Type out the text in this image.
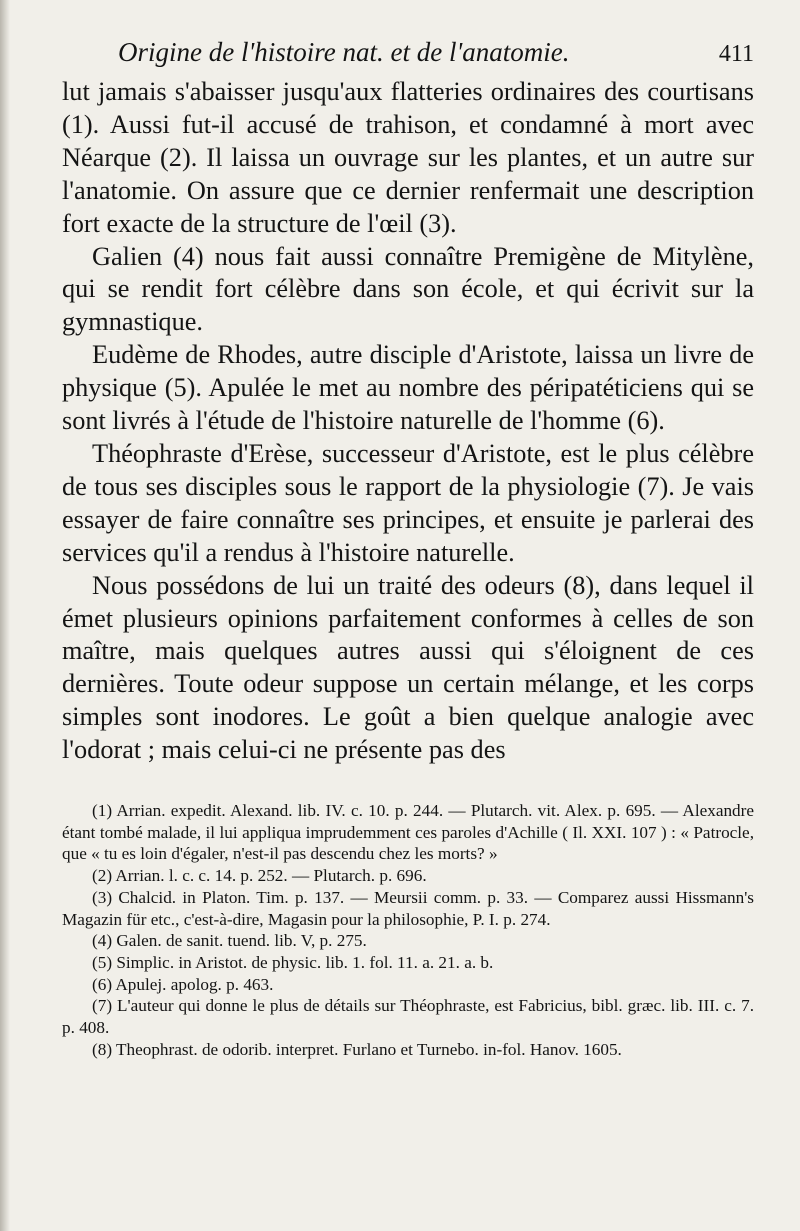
Origine de l'histoire nat. et de l'anatomie.	411

lut jamais s'abaisser jusqu'aux flatteries ordinaires des courtisans (1). Aussi fut-il accusé de trahison, et condamné à mort avec Néarque (2). Il laissa un ouvrage sur les plantes, et un autre sur l'anatomie. On assure que ce dernier renfermait une description fort exacte de la structure de l'œil (3).

Galien (4) nous fait aussi connaître Premigène de Mitylène, qui se rendit fort célèbre dans son école, et qui écrivit sur la gymnastique.

Eudème de Rhodes, autre disciple d'Aristote, laissa un livre de physique (5). Apulée le met au nombre des péripatéticiens qui se sont livrés à l'étude de l'histoire naturelle de l'homme (6).

Théophraste d'Erèse, successeur d'Aristote, est le plus célèbre de tous ses disciples sous le rapport de la physiologie (7). Je vais essayer de faire connaître ses principes, et ensuite je parlerai des services qu'il a rendus à l'histoire naturelle.

Nous possédons de lui un traité des odeurs (8), dans lequel il émet plusieurs opinions parfaitement conformes à celles de son maître, mais quelques autres aussi qui s'éloignent de ces dernières. Toute odeur suppose un certain mélange, et les corps simples sont inodores. Le goût a bien quelque analogie avec l'odorat ; mais celui-ci ne présente pas des

(1) Arrian. expedit. Alexand. lib. IV. c. 10. p. 244. — Plutarch. vit. Alex. p. 695. — Alexandre étant tombé malade, il lui appliqua imprudemment ces paroles d'Achille ( Il. XXI. 107 ) : « Patrocle, que « tu es loin d'égaler, n'est-il pas descendu chez les morts? »

(2) Arrian. l. c. c. 14. p. 252. — Plutarch. p. 696.

(3) Chalcid. in Platon. Tim. p. 137. — Meursii comm. p. 33. — Comparez aussi Hissmann's Magazin für etc., c'est-à-dire, Magasin pour la philosophie, P. I. p. 274.

(4) Galen. de sanit. tuend. lib. V, p. 275.

(5) Simplic. in Aristot. de physic. lib. 1. fol. 11. a. 21. a. b.

(6) Apulej. apolog. p. 463.

(7) L'auteur qui donne le plus de détails sur Théophraste, est Fabricius, bibl. græc. lib. III. c. 7. p. 408.

(8) Theophrast. de odorib. interpret. Furlano et Turnebo. in-fol. Hanov. 1605.
